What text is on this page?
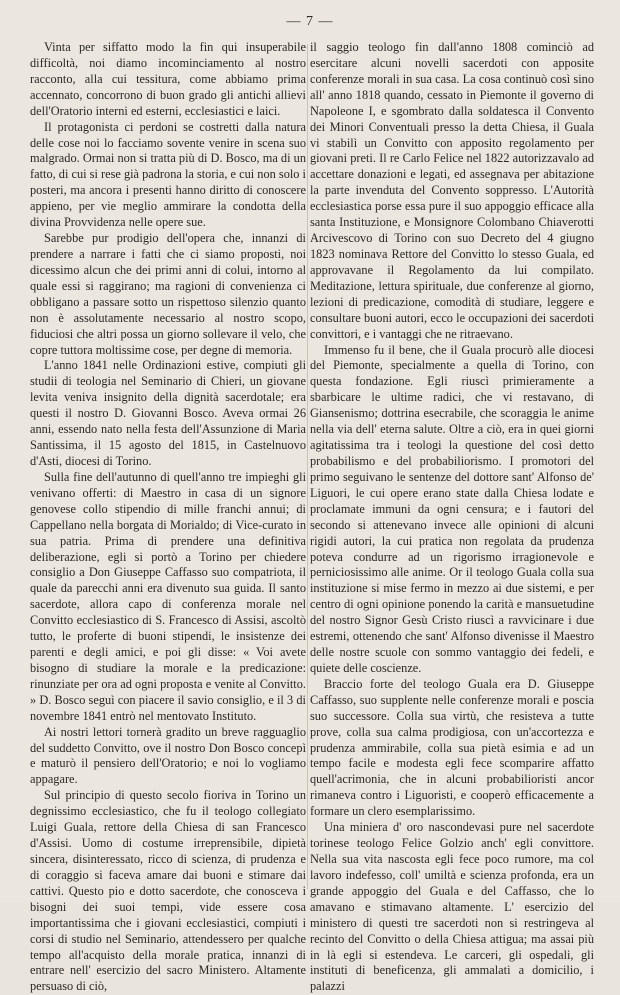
— 7 —

Vinta per siffatto modo la fin qui insuperabile difficoltà, noi diamo incominciamento al nostro racconto, alla cui tessitura, come abbiamo prima accennato, concorrono di buon grado gli antichi allievi dell'Oratorio interni ed esterni, ecclesiastici e laici.

Il protagonista ci perdoni se costretti dalla natura delle cose noi lo facciamo sovente venire in scena suo malgrado. Ormai non si tratta più di D. Bosco, ma di un fatto, di cui si rese già padrona la storia, e cui non solo i posteri, ma ancora i presenti hanno diritto di conoscere appieno, per vie meglio ammirare la condotta della divina Provvidenza nelle opere sue.

Sarebbe pur prodigio dell'opera che, innanzi di prendere a narrare i fatti che ci siamo proposti, noi dicessimo alcun che dei primi anni di colui, intorno al quale essi si raggirano; ma ragioni di convenienza ci obbligano a passare sotto un rispettoso silenzio quanto non è assolutamente necessario al nostro scopo, fiduciosi che altri possa un giorno sollevare il velo, che copre tuttora moltissime cose, per degne di memoria.

L'anno 1841 nelle Ordinazioni estive, compiuti gli studii di teologia nel Seminario di Chieri, un giovane levita veniva insignito della dignità sacerdotale; era questi il nostro D. Giovanni Bosco. Aveva ormai 26 anni, essendo nato nella festa dell'Assunzione di Maria Santissima, il 15 agosto del 1815, in Castelnuovo d'Asti, diocesi di Torino.

Sulla fine dell'autunno di quell'anno tre impieghi gli venivano offerti: di Maestro in casa di un signore genovese collo stipendio di mille franchi annui; di Cappellano nella borgata di Morialdo; di Vice-curato in sua patria. Prima di prendere una definitiva deliberazione, egli si portò a Torino per chiedere consiglio a Don Giuseppe Caffasso suo compatriota, il quale da parecchi anni era divenuto sua guida. Il santo sacerdote, allora capo di conferenza morale nel Convitto ecclesiastico di S. Francesco di Assisi, ascoltò tutto, le proferte di buoni stipendi, le insistenze dei parenti e degli amici, e poi gli disse: « Voi avete bisogno di studiare la morale e la predicazione: rinunziate per ora ad ogni proposta e venite al Convitto. » D. Bosco seguì con piacere il savio consiglio, e il 3 di novembre 1841 entrò nel mentovato Instituto.

Ai nostri lettori tornerà gradito un breve ragguaglio del suddetto Convitto, ove il nostro Don Bosco concepì e maturò il pensiero dell'Oratorio; e noi lo vogliamo appagare.

Sul principio di questo secolo fioriva in Torino un degnissimo ecclesiastico, che fu il teologo collegiato Luigi Guala, rettore della Chiesa di san Francesco d'Assisi. Uomo di costume irreprensibile, dipietà sincera, disinteressato, ricco di scienza, di prudenza e di coraggio si faceva amare dai buoni e stimare dai cattivi. Questo pio e dotto sacerdote, che conosceva i bisogni dei suoi tempi, vide essere cosa importantissima che i giovani ecclesiastici, compiuti i corsi di studio nel Seminario, attendessero per qualche tempo all'acquisto della morale pratica, innanzi di entrare nell' esercizio del sacro Ministero. Altamente persuaso di ciò,

il saggio teologo fin dall'anno 1808 cominciò ad esercitare alcuni novelli sacerdoti con apposite conferenze morali in sua casa. La cosa continuò così sino all' anno 1818 quando, cessato in Piemonte il governo di Napoleone I, e sgombrato dalla soldatesca il Convento dei Minori Conventuali presso la detta Chiesa, il Guala vi stabilì un Convitto con apposito regolamento per giovani preti. Il re Carlo Felice nel 1822 autorizzavalo ad accettare donazioni e legati, ed assegnava per abitazione la parte invenduta del Convento soppresso. L'Autorità ecclesiastica porse essa pure il suo appoggio efficace alla santa Instituzione, e Monsignore Colombano Chiaverotti Arcivescovo di Torino con suo Decreto del 4 giugno 1823 nominava Rettore del Convitto lo stesso Guala, ed approvavane il Regolamento da lui compilato. Meditazione, lettura spirituale, due conferenze al giorno, lezioni di predicazione, comodità di studiare, leggere e consultare buoni autori, ecco le occupazioni dei sacerdoti convittori, e i vantaggi che ne ritraevano.

Immenso fu il bene, che il Guala procurò alle diocesi del Piemonte, specialmente a quella di Torino, con questa fondazione. Egli riuscì primieramente a sbarbicare le ultime radici, che vi restavano, di Giansenismo; dottrina esecrabile, che scoraggia le anime nella via dell' eterna salute. Oltre a ciò, era in quei giorni agitatissima tra i teologi la questione del così detto probabilismo e del probabiliorismo. I promotori del primo seguivano le sentenze del dottore sant' Alfonso de' Liguori, le cui opere erano state dalla Chiesa lodate e proclamate immuni da ogni censura; e i fautori del secondo si attenevano invece alle opinioni di alcuni rigidi autori, la cui pratica non regolata da prudenza poteva condurre ad un rigorismo irragionevole e perniciosissimo alle anime. Or il teologo Guala colla sua instituzione si mise fermo in mezzo ai due sistemi, e per centro di ogni opinione ponendo la carità e mansuetudine del nostro Signor Gesù Cristo riuscì a ravvicinare i due estremi, ottenendo che sant' Alfonso divenisse il Maestro delle nostre scuole con sommo vantaggio dei fedeli, e quiete delle coscienze.

Braccio forte del teologo Guala era D. Giuseppe Caffasso, suo supplente nelle conferenze morali e poscia suo successore. Colla sua virtù, che resisteva a tutte prove, colla sua calma prodigiosa, con un'accortezza e prudenza ammirabile, colla sua pietà esimia e ad un tempo facile e modesta egli fece scomparire affatto quell'acrimonia, che in alcuni probabilioristi ancor rimaneva contro i Liguoristi, e cooperò efficacemente a formare un clero esemplarissimo.

Una miniera d' oro nascondevasi pure nel sacerdote torinese teologo Felice Golzio anch' egli convittore. Nella sua vita nascosta egli fece poco rumore, ma col lavoro indefesso, coll' umiltà e scienza profonda, era un grande appoggio del Guala e del Caffasso, che lo amavano e stimavano altamente. L' esercizio del ministero di questi tre sacerdoti non si restringeva al recinto del Convitto o della Chiesa attigua; ma assai più in là egli si estendeva. Le carceri, gli ospedali, gli instituti di beneficenza, gli ammalati a domicilio, i palazzi
